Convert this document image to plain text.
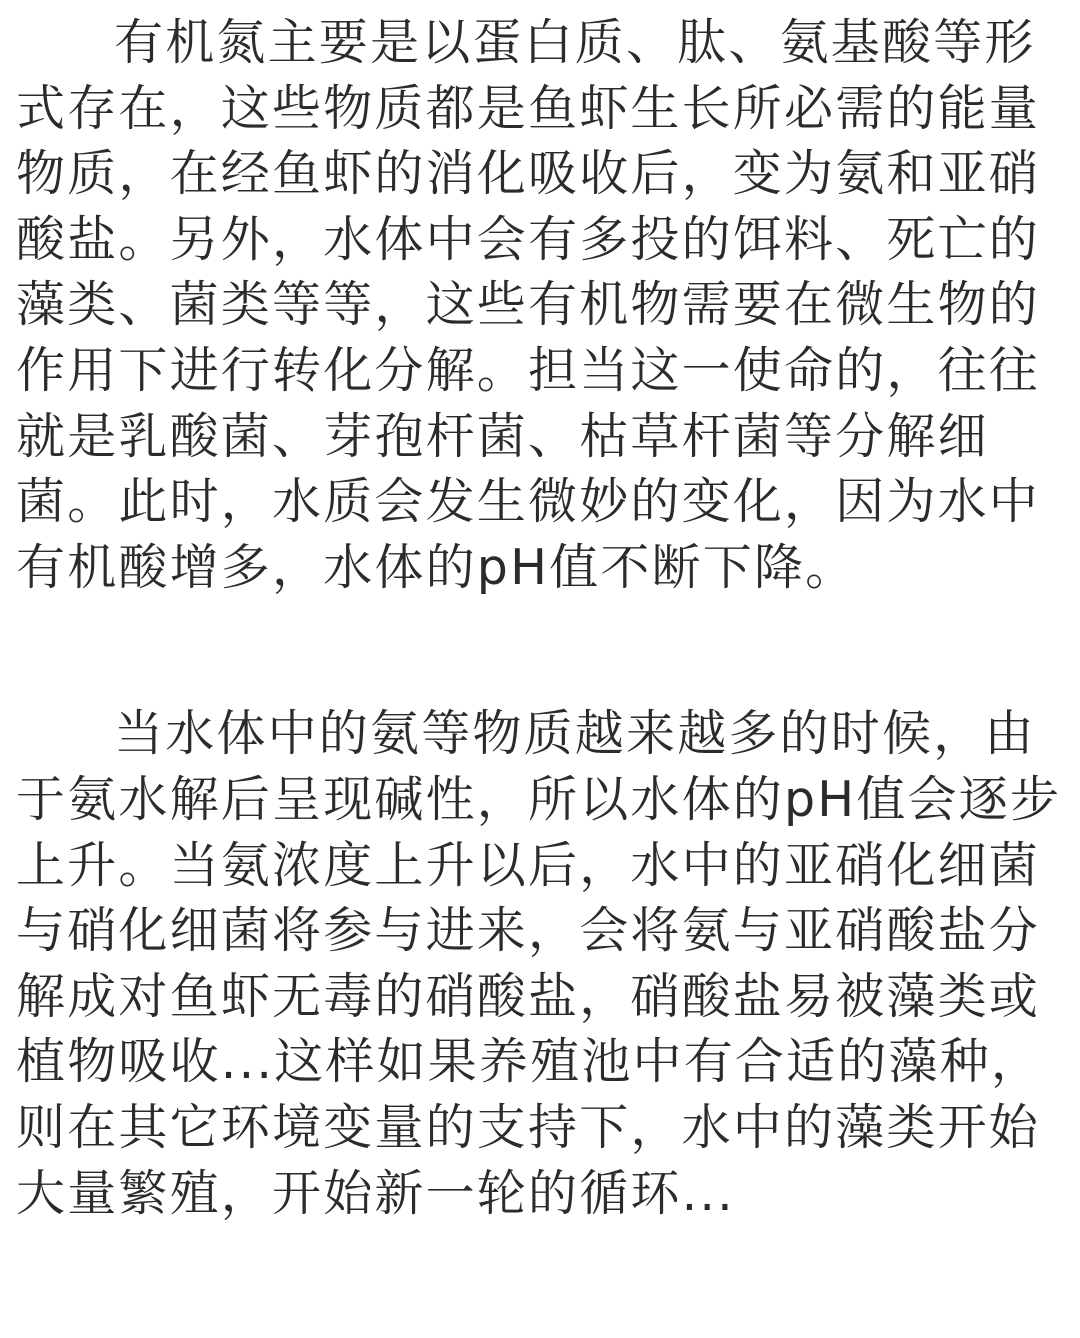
有机氮主要是以蛋白质、肽、氨基酸等形式存在，这些物质都是鱼虾生长所必需的能量物质，在经鱼虾的消化吸收后，变为氨和亚硝酸盐。另外，水体中会有多投的饵料、死亡的藻类、菌类等等，这些有机物需要在微生物的作用下进行转化分解。担当这一使命的，往往就是乳酸菌、芽孢杆菌、枯草杆菌等分解细菌。此时，水质会发生微妙的变化，因为水中有机酸增多，水体的pH值不断下降。

当水体中的氨等物质越来越多的时候，由于氨水解后呈现碱性，所以水体的pH值会逐步上升。当氨浓度上升以后，水中的亚硝化细菌与硝化细菌将参与进来，会将氨与亚硝酸盐分解成对鱼虾无毒的硝酸盐，硝酸盐易被藻类或植物吸收...这样如果养殖池中有合适的藻种，则在其它环境变量的支持下，水中的藻类开始大量繁殖，开始新一轮的循环...
